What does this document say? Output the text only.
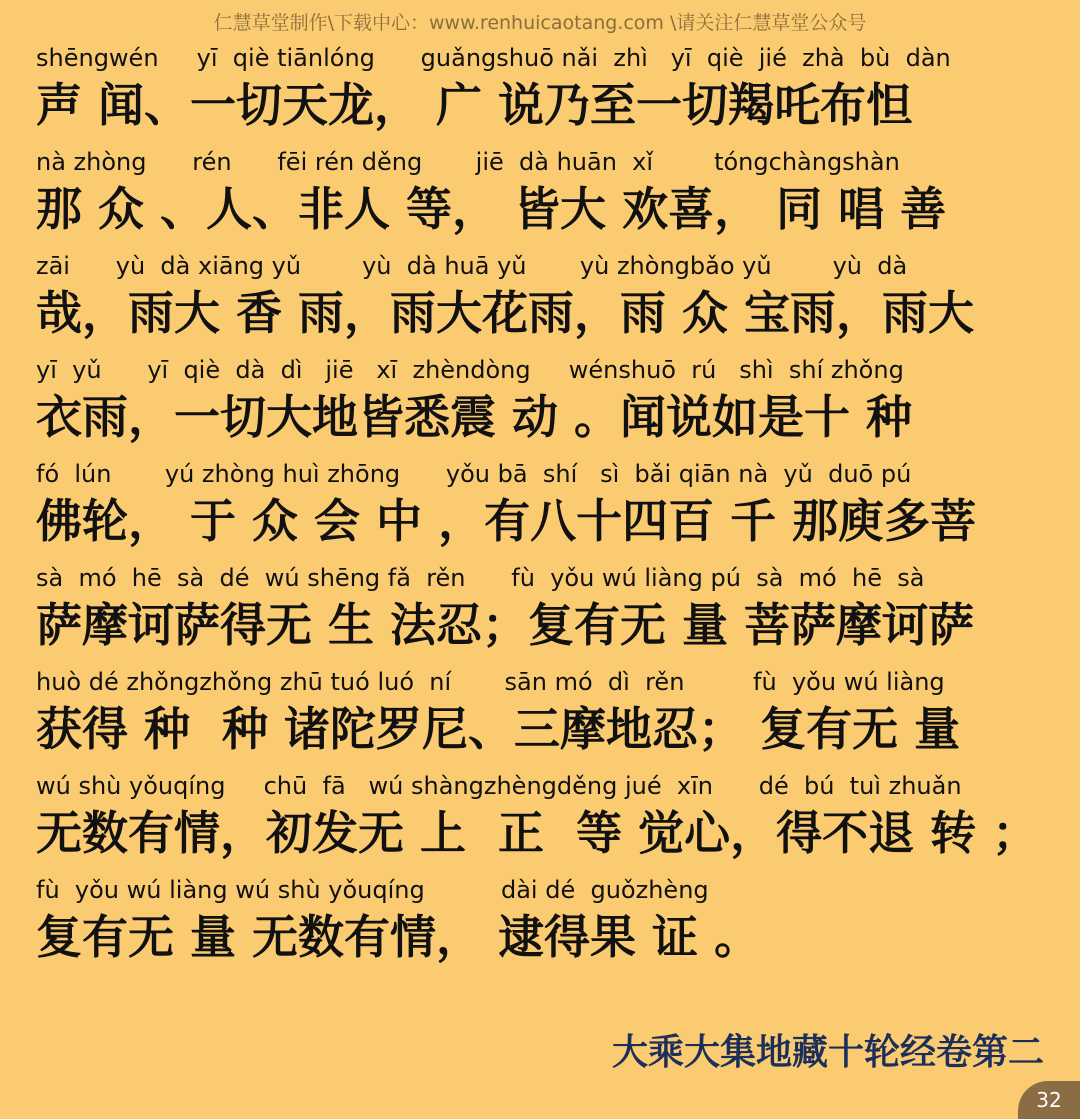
仁慧草堂制作\下载中心：www.renhuicaotang.com \请关注仁慧草堂公众号
shēngwén     yī  qiè tiānlóng      guǎngshuō nǎi  zhì   yī  qiè  jié  zhà  bù  dàn
声 闻、一切天龙， 广 说乃至一切羯吒布怛
nà zhòng      rén      fēi rén děng       jiē  dà huān  xǐ        tóngchàngshàn
那 众 、人、非人 等， 皆大 欢喜， 同 唱 善
zāi      yù  dà xiāng yǔ        yù  dà huā yǔ       yù zhòngbǎo yǔ        yù  dà
哉，雨大 香 雨，雨大花雨，雨 众 宝雨，雨大
yī  yǔ      yī  qiè  dà  dì   jiē   xī  zhèndòng     wénshuō  rú   shì  shí zhǒng
衣雨，一切大地皆悉震 动 。闻说如是十 种
fó  lún       yú zhòng huì zhōng      yǒu bā  shí   sì  bǎi qiān nà  yǔ  duō pú
佛轮， 于 众 会 中 ，有八十四百 千 那庾多菩
sà  mó  hē  sà  dé  wú shēng fǎ  rěn      fù  yǒu wú liàng pú  sà  mó  hē  sà
萨摩诃萨得无 生 法忍；复有无 量 菩萨摩诃萨
huò dé zhǒngzhǒng zhū tuó luó  ní       sān mó  dì  rěn         fù  yǒu wú liàng
获得 种  种 诸陀罗尼、三摩地忍； 复有无 量
wú shù yǒuqíng     chū  fā   wú shàngzhèngděng jué  xīn      dé  bú  tuì zhuǎn
无数有情，初发无 上  正  等 觉心，得不退 转 ；
fù  yǒu wú liàng wú shù yǒuqíng          dài dé  guǒzhèng
复有无 量 无数有情， 逮得果 证 。
大乘大集地藏十轮经卷第二
32
